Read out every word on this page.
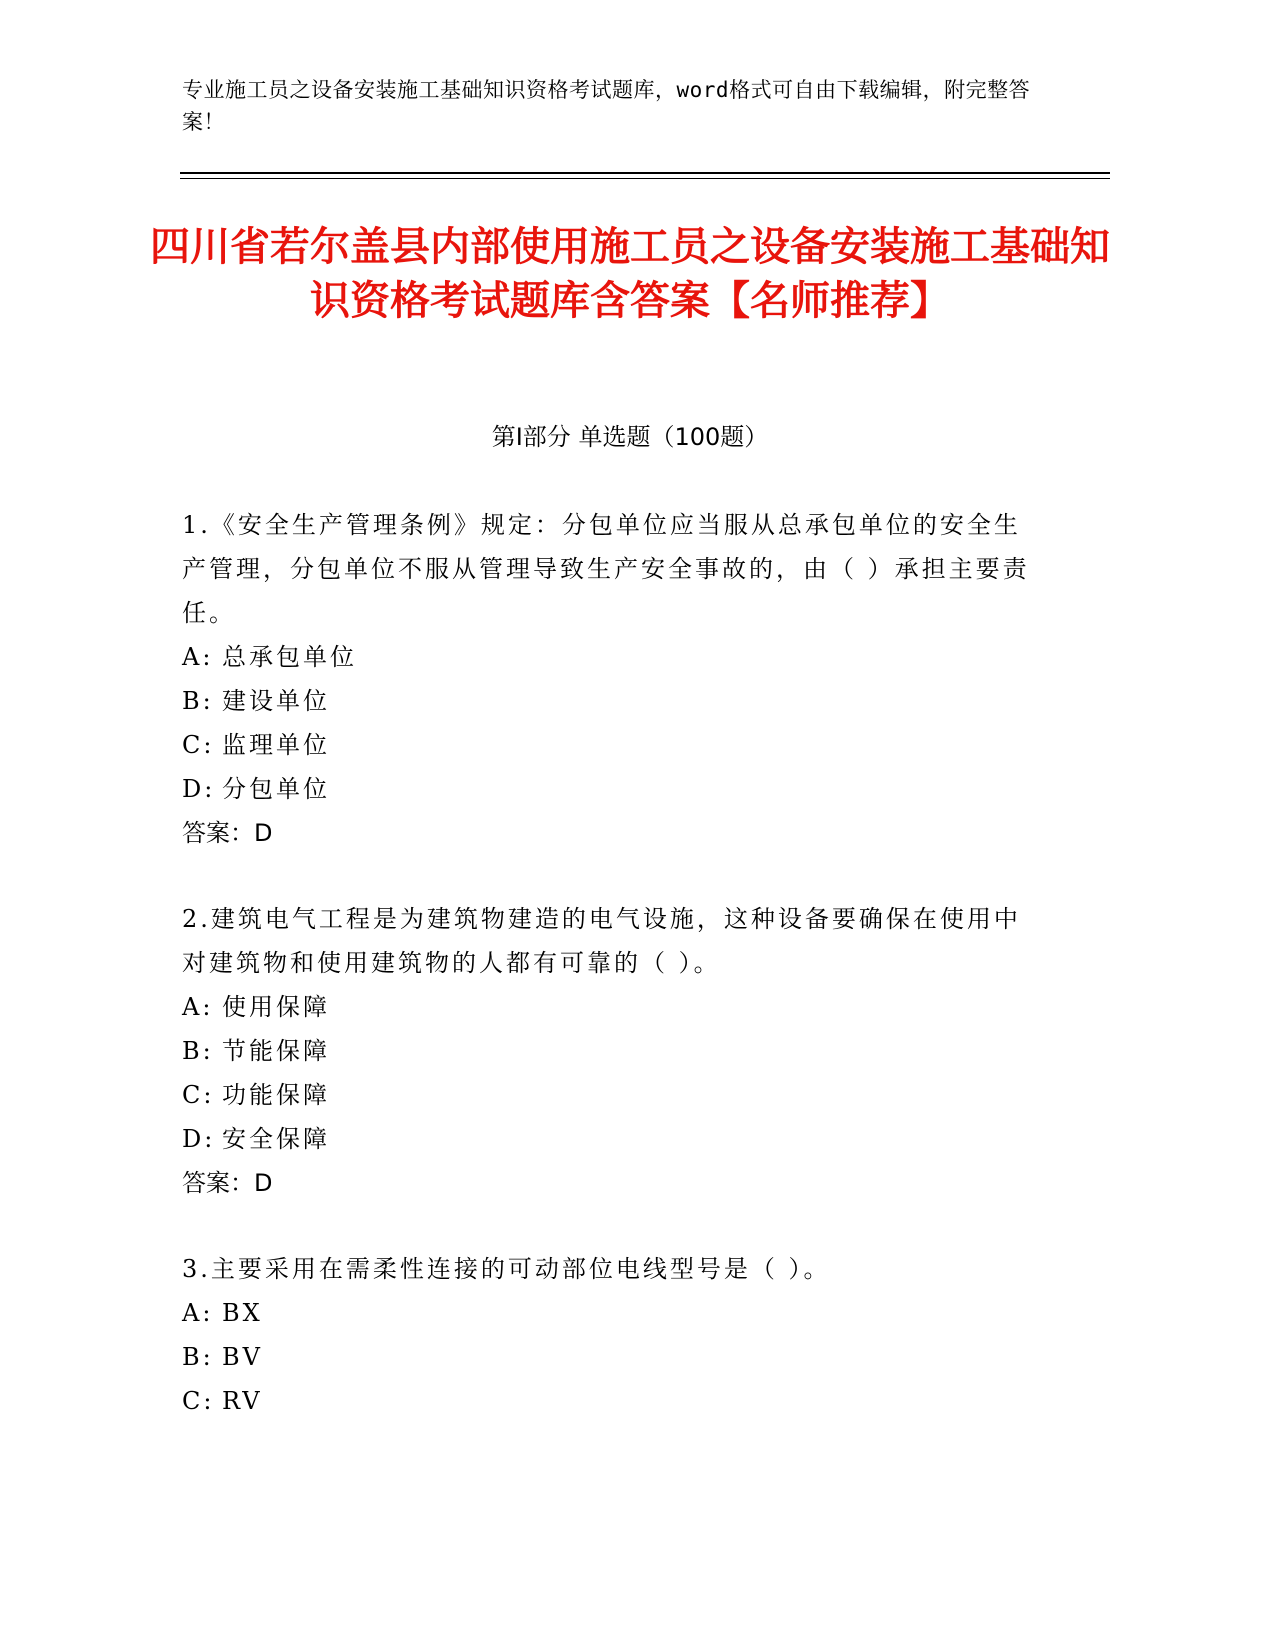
专业施工员之设备安装施工基础知识资格考试题库，word格式可自由下载编辑，附完整答案！
四川省若尔盖县内部使用施工员之设备安装施工基础知识资格考试题库含答案【名师推荐】
第Ⅰ部分 单选题（100题）
1.《安全生产管理条例》规定：分包单位应当服从总承包单位的安全生产管理，分包单位不服从管理导致生产安全事故的，由（ ）承担主要责任。
A: 总承包单位
B: 建设单位
C: 监理单位
D: 分包单位
答案：D
2.建筑电气工程是为建筑物建造的电气设施，这种设备要确保在使用中对建筑物和使用建筑物的人都有可靠的（ ）。
A: 使用保障
B: 节能保障
C: 功能保障
D: 安全保障
答案：D
3.主要采用在需柔性连接的可动部位电线型号是（ ）。
A: BX
B: BV
C: RV
